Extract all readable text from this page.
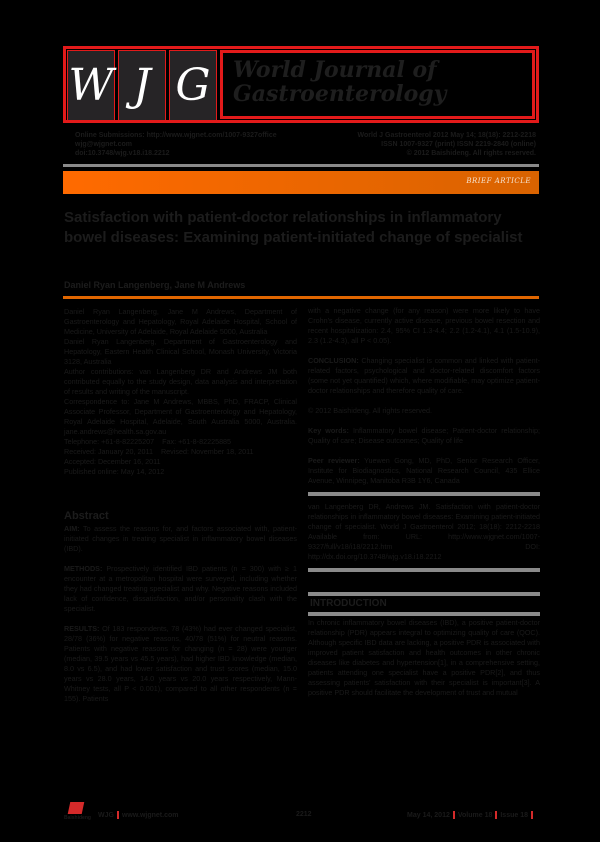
W J G World Journal of
Gastroenterology
Online Submissions: http://www.wjgnet.com/1007-9327office
wjg@wjgnet.com
doi:10.3748/wjg.v18.i18.2212
World J Gastroenterol 2012 May 14; 18(18): 2212-2218
ISSN 1007-9327 (print) ISSN 2219-2840 (online)
© 2012 Baishideng. All rights reserved.
BRIEF ARTICLE
Satisfaction with patient-doctor relationships in inflammatory bowel diseases: Examining patient-initiated change of specialist
Daniel Ryan Langenberg, Jane M Andrews

Daniel Ryan Langenberg, Jane M Andrews, Department of Gastroenterology and Hepatology, Royal Adelaide Hospital, School of Medicine, University of Adelaide, Royal Adelaide 5000, Australia

Daniel Ryan Langenberg, Department of Gastroenterology and Hepatology, Eastern Health Clinical School, Monash University, Victoria 3128, Australia

Author contributions: van Langenberg DR and Andrews JM both contributed equally to the study design, data analysis and interpretation of results and writing of the manuscript.

Correspondence to: Jane M Andrews, MBBS, PhD, FRACP, Clinical Associate Professor, Department of Gastroenterology and Hepatology, Royal Adelaide Hospital, Adelaide, South Australia 5000, Australia. jane.andrews@health.sa.gov.au

Telephone: +61-8-82225207 Fax: +61-8-82225885

Received: January 20, 2011 Revised: November 18, 2011

Accepted: December 16, 2011

Published online: May 14, 2012

Abstract

AIM: To assess the reasons for, and factors associated with, patient-initiated changes in treating specialist in inflammatory bowel diseases (IBD).

METHODS: Prospectively identified IBD patients (n = 300) with ≥ 1 encounter at a metropolitan hospital were surveyed, including whether they had changed treating specialist and why. Negative reasons included lack of confidence, dissatisfaction, and/or personality clash with the specialist.

RESULTS: Of 183 respondents, 78 (43%) had ever changed specialist, 28/78 (36%) for negative reasons, 40/78 (51%) for neutral reasons. Patients with negative reasons for changing (n = 28) were younger (median, 39.5 years vs 45.5 years), had higher IBD knowledge (median, 8.0 vs 6.5), and had lower satisfaction and trust scores (median, 15.0 years vs 28.0 years, 14.0 years vs 20.0 years respectively, Mann-Whitney tests, all P < 0.001), compared to all other respondents (n = 155). Patients

with a negative change (for any reason) were more likely to have Crohn's disease, currently active disease, previous bowel resection and recent hospitalization: 2.4, 95% CI 1.3-4.4; 2.2 (1.2-4.1), 4.1 (1.5-10.9), 2.3 (1.2-4.3), all P < 0.05).

CONCLUSION: Changing specialist is common and linked with patient-related factors, psychological and doctor-related discomfort factors (some not yet quantified) which, where modifiable, may optimize patient-doctor relationships and therefore quality of care.

© 2012 Baishideng. All rights reserved.

Key words: Inflammatory bowel disease; Patient-doctor relationship; Quality of care; Disease outcomes; Quality of life

Peer reviewer: Yuewen Gong, MD, PhD, Senior Research Officer, Institute for Biodiagnostics, National Research Council, 435 Ellice Avenue, Winnipeg, Manitoba R3B 1Y6, Canada

van Langenberg DR, Andrews JM. Satisfaction with patient-doctor relationships in inflammatory bowel diseases: Examining patient-initiated change of specialist. World J Gastroenterol 2012; 18(18): 2212-2218 Available from: URL: http://www.wjgnet.com/1007-9327/full/v18/i18/2212.htm DOI: http://dx.doi.org/10.3748/wjg.v18.i18.2212

INTRODUCTION

In chronic inflammatory bowel diseases (IBD), a positive patient-doctor relationship (PDR) appears integral to optimizing quality of care (QOC). Although specific IBD data are lacking, a positive PDR is associated with improved patient satisfaction and health outcomes in other chronic diseases like diabetes and hypertension[1], in a comprehensive setting, patients attending one specialist have a positive PDR[2], and thus assessing patients' satisfaction with their specialist is important[3]. A positive PDR should facilitate the development of trust and mutual

Baishideng WJG www.wjgnet.com	2212	May 14, 2012 Volume 18 Issue 18
